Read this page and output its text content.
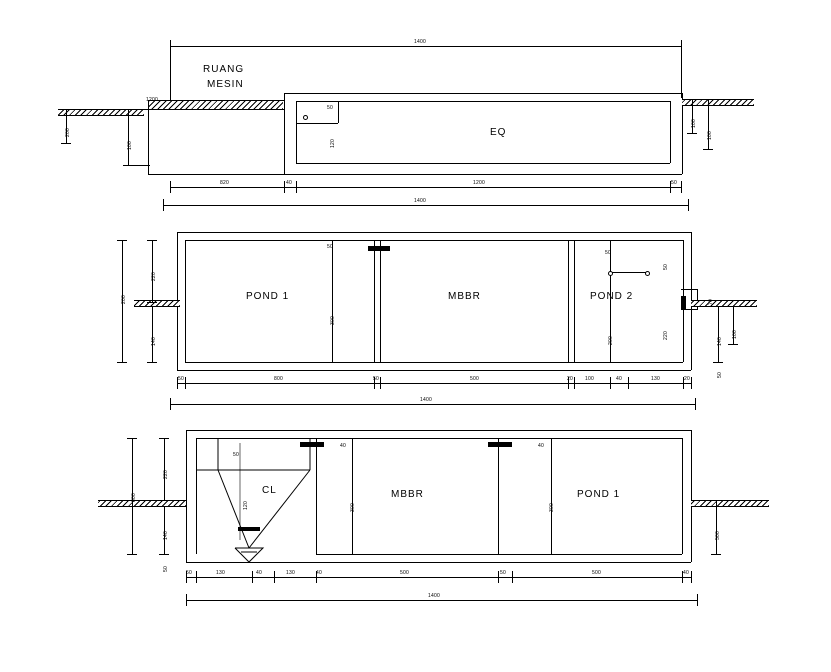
1400
RUANG
MESIN
50
120
EQ
200
100
1200
100
100
820	40	1200	50
1400
POND 1	MBBR	POND 2
200
220
140
50
300
50
200
50
220
70
140
100
50
50	800	50	500	20 100	40	130	20
1400
CL	MBBR	POND 1
40	40
300	300
50
120
300
220
140
50
500
50	130	40	130	40	500	50	500	40
1400
